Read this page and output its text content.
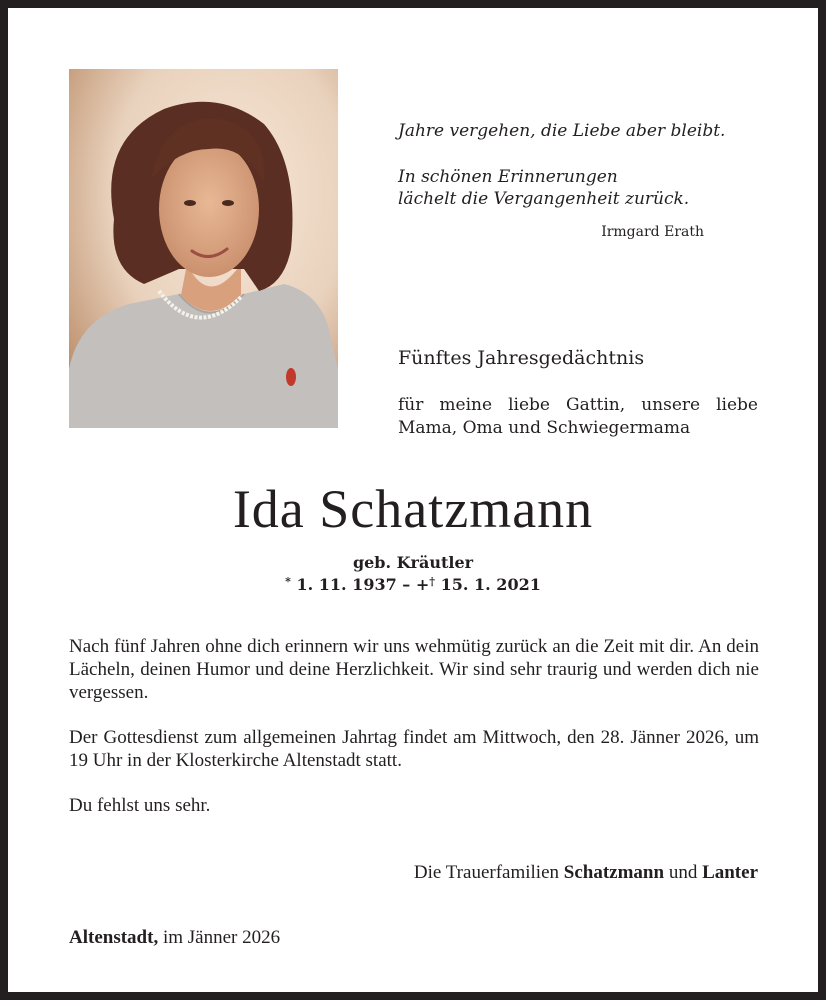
Jahre vergehen, die Liebe aber bleibt.

In schönen Erinnerungen

lächelt die Vergangenheit zurück.

Irmgard Erath
Fünftes Jahresgedächtnis
für meine liebe Gattin, unsere liebe Mama, Oma und Schwiegermama
Ida Schatzmann
geb. Kräutler
* 1. 11. 1937 – +† 15. 1. 2021

Nach fünf Jahren ohne dich erinnern wir uns wehmütig zurück an die Zeit mit dir. An dein Lächeln, deinen Humor und deine Herzlichkeit. Wir sind sehr traurig und werden dich nie vergessen.

Der Gottesdienst zum allgemeinen Jahrtag findet am Mittwoch, den 28. Jänner 2026, um 19 Uhr in der Klosterkirche Altenstadt statt.

Du fehlst uns sehr.

Die Trauerfamilien Schatzmann und Lanter
Altenstadt, im Jänner 2026
